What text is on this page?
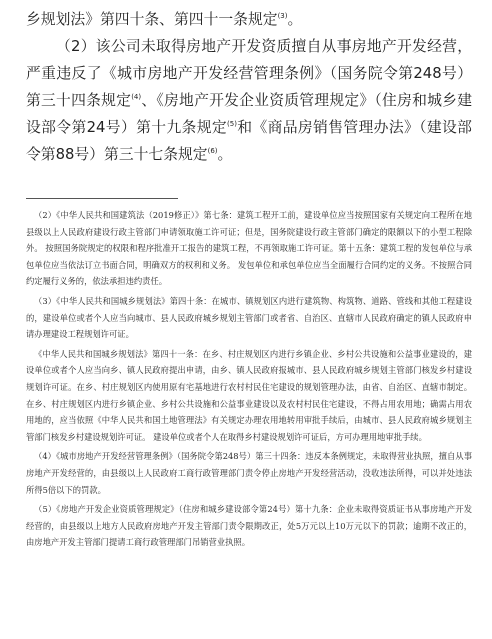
乡规划法》第四十条、第四十一条规定$^{(3)}$。

（2）该公司未取得房地产开发资质擅自从事房地产开发经营，严重违反了《城市房地产开发经营管理条例》（国务院令第248号）第三十四条规定$^{(4)}$、《房地产开发企业资质管理规定》（住房和城乡建设部令第24号）第十九条规定$^{(5)}$和《商品房销售管理办法》（建设部令第88号）第三十七条规定$^{(6)}$。

（2）《中华人民共和国建筑法（2019修正）》第七条：建筑工程开工前，建设单位应当按照国家有关规定向工程所在地县级以上人民政府建设行政主管部门申请领取施工许可证；但是，国务院建设行政主管部门确定的限额以下的小型工程除外。 按照国务院规定的权限和程序批准开工报告的建筑工程，不再领取施工许可证。第十五条：建筑工程的发包单位与承包单位应当依法订立书面合同，明确双方的权利和义务。 发包单位和承包单位应当全面履行合同约定的义务。不按照合同约定履行义务的，依法承担违约责任。

（3）《中华人民共和国城乡规划法》第四十条：在城市、镇规划区内进行建筑物、构筑物、道路、管线和其他工程建设的，建设单位或者个人应当向城市、县人民政府城乡规划主管部门或者省、自治区、直辖市人民政府确定的镇人民政府申请办理建设工程规划许可证。

《中华人民共和国城乡规划法》第四十一条：在乡、村庄规划区内进行乡镇企业、乡村公共设施和公益事业建设的，建设单位或者个人应当向乡、镇人民政府提出申请，由乡、镇人民政府报城市、县人民政府城乡规划主管部门核发乡村建设规划许可证。在乡、村庄规划区内使用原有宅基地进行农村村民住宅建设的规划管理办法，由省、自治区、直辖市制定。在乡、村庄规划区内进行乡镇企业、乡村公共设施和公益事业建设以及农村村民住宅建设，不得占用农用地；确需占用农用地的，应当依照《中华人民共和国土地管理法》有关规定办理农用地转用审批手续后，由城市、县人民政府城乡规划主管部门核发乡村建设规划许可证。 建设单位或者个人在取得乡村建设规划许可证后，方可办理用地审批手续。

（4）《城市房地产开发经营管理条例》（国务院令第248号）第三十四条：违反本条例规定，未取得营业执照，擅自从事房地产开发经营的，由县级以上人民政府工商行政管理部门责令停止房地产开发经营活动，没收违法所得，可以并处违法所得5倍以下的罚款。

（5）《房地产开发企业资质管理规定》（住房和城乡建设部令第24号）第十九条：企业未取得资质证书从事房地产开发经营的，由县级以上地方人民政府房地产开发主管部门责令限期改正，处5万元以上10万元以下的罚款；逾期不改正的，由房地产开发主管部门提请工商行政管理部门吊销营业执照。
